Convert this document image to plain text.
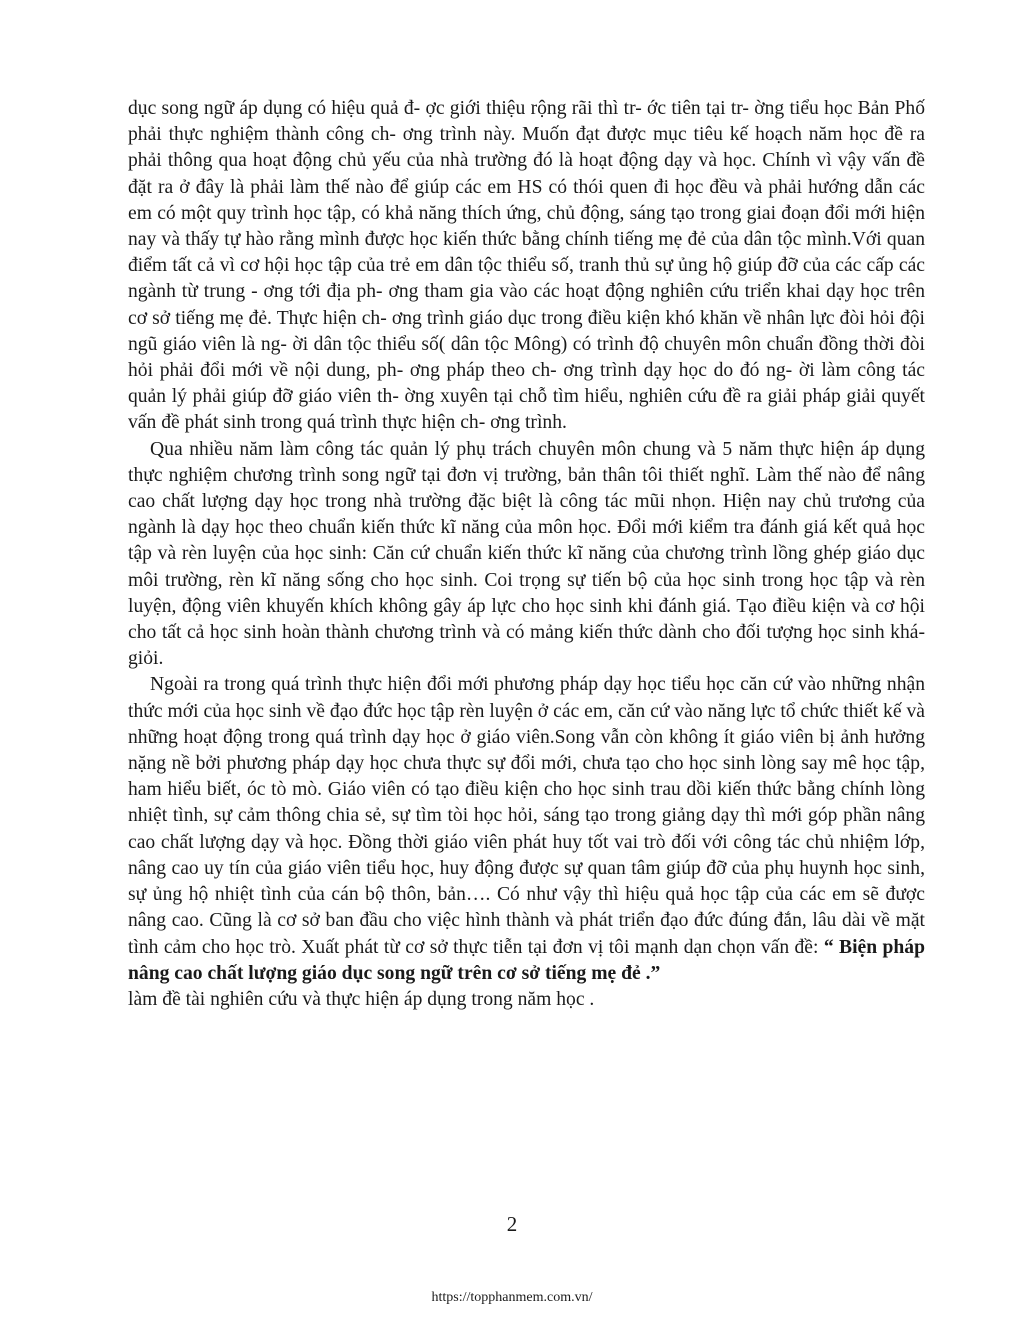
dục song ngữ áp dụng có hiệu quả đ- ợc giới thiệu rộng rãi thì tr- ớc tiên tại tr- ờng tiểu học Bản Phố phải thực nghiệm thành công ch- ơng trình này. Muốn đạt được mục tiêu kế hoạch năm học đề ra phải thông qua hoạt động chủ yếu của nhà trường đó là hoạt động dạy và học. Chính vì vậy vấn đề đặt ra ở đây là phải làm thế nào để giúp các em HS có thói quen đi học đều và phải hướng dẫn các em có một quy trình học tập, có khả năng thích ứng, chủ động, sáng tạo trong giai đoạn đổi mới hiện nay và thấy tự hào rằng mình được học kiến thức bằng chính tiếng mẹ đẻ của dân tộc mình.Với quan điểm tất cả vì cơ hội học tập của trẻ em dân tộc thiểu số, tranh thủ sự ủng hộ giúp đỡ của các cấp các ngành từ trung - ơng tới địa ph- ơng tham gia vào các hoạt động nghiên cứu triển khai dạy học trên cơ sở tiếng mẹ đẻ. Thực hiện ch- ơng trình giáo dục trong điều kiện khó khăn về nhân lực đòi hỏi đội ngũ giáo viên là ng- ời dân tộc thiểu số( dân tộc Mông) có trình độ chuyên môn chuẩn đồng thời đòi hỏi phải đổi mới về nội dung, ph- ơng pháp theo ch- ơng trình dạy học do đó ng- ời làm công tác quản lý phải giúp đỡ giáo viên th- ờng xuyên tại chỗ tìm hiểu, nghiên cứu đề ra giải pháp giải quyết vấn đề phát sinh trong quá trình thực hiện ch- ơng trình.

Qua nhiều năm làm công tác quản lý phụ trách chuyên môn chung và 5 năm thực hiện áp dụng thực nghiệm chương trình song ngữ tại đơn vị trường, bản thân tôi thiết nghĩ. Làm thế nào để nâng cao chất lượng dạy học trong nhà trường đặc biệt là công tác mũi nhọn. Hiện nay chủ trương của ngành là dạy học theo chuẩn kiến thức kĩ năng của môn học. Đổi mới kiểm tra đánh giá kết quả học tập và rèn luyện của học sinh: Căn cứ chuẩn kiến thức kĩ năng của chương trình lồng ghép giáo dục môi trường, rèn kĩ năng sống cho học sinh. Coi trọng sự tiến bộ của học sinh trong học tập và rèn luyện, động viên khuyến khích không gây áp lực cho học sinh khi đánh giá. Tạo điều kiện và cơ hội cho tất cả học sinh hoàn thành chương trình và có mảng kiến thức dành cho đối tượng học sinh khá- giỏi.

Ngoài ra trong quá trình thực hiện đổi mới phương pháp dạy học tiểu học căn cứ vào những nhận thức mới của học sinh về đạo đức học tập rèn luyện ở các em, căn cứ vào năng lực tổ chức thiết kế và những hoạt động trong quá trình dạy học ở giáo viên.Song vẫn còn không ít giáo viên bị ảnh hưởng nặng nề bởi phương pháp dạy học chưa thực sự đổi mới, chưa tạo cho học sinh lòng say mê học tập, ham hiểu biết, óc tò mò. Giáo viên có tạo điều kiện cho học sinh trau dồi kiến thức bằng chính lòng nhiệt tình, sự cảm thông chia sẻ, sự tìm tòi học hỏi, sáng tạo trong giảng dạy thì mới góp phần nâng cao chất lượng dạy và học. Đồng thời giáo viên phát huy tốt vai trò đối với công tác chủ nhiệm lớp, nâng cao uy tín của giáo viên tiểu học, huy động được sự quan tâm giúp đỡ của phụ huynh học sinh, sự ủng hộ nhiệt tình của cán bộ thôn, bản…. Có như vậy thì hiệu quả học tập của các em sẽ được nâng cao. Cũng là cơ sở ban đầu cho việc hình thành và phát triển đạo đức đúng đắn, lâu dài về mặt tình cảm cho học trò. Xuất phát từ cơ sở thực tiễn tại đơn vị tôi mạnh dạn chọn vấn đề: “ Biện pháp nâng cao chất lượng giáo dục song ngữ trên cơ sở tiếng mẹ đẻ .”
làm đề tài nghiên cứu và thực hiện áp dụng trong năm học .

2
https://topphanmem.com.vn/
